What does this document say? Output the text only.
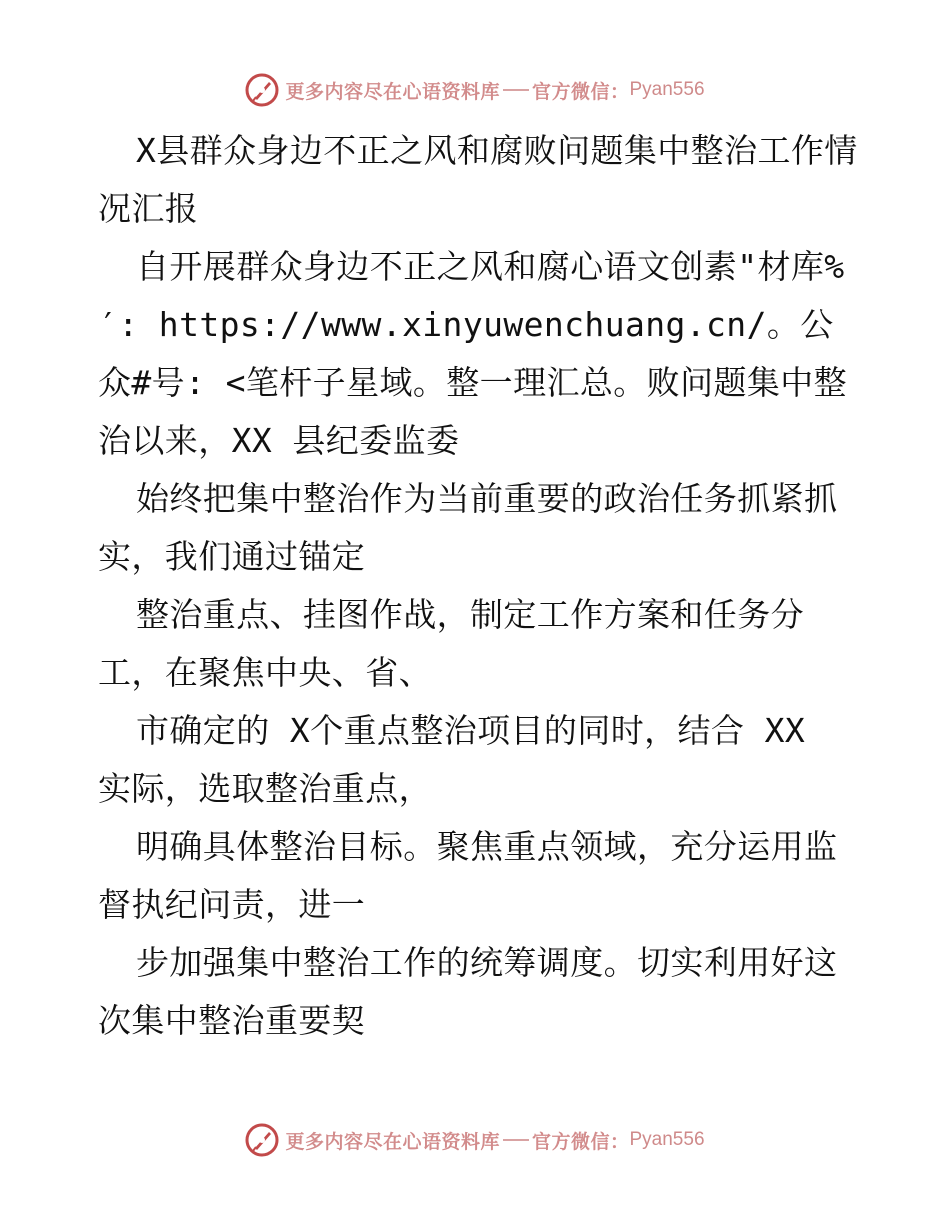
更多内容尽在心语资料库 官方微信： Pyan556

X县群众身边不正之风和腐败问题集中整治工作情况汇报

自开展群众身边不正之风和腐心语文创素"材库%′: https://www.xinyuwenchuang.cn/。公众#号: <笔杆子星域。整一理汇总。败问题集中整治以来，XX 县纪委监委

始终把集中整治作为当前重要的政治任务抓紧抓实，我们通过锚定

整治重点、挂图作战，制定工作方案和任务分工，在聚焦中央、省、

市确定的 X个重点整治项目的同时，结合 XX 实际，选取整治重点，

明确具体整治目标。聚焦重点领域，充分运用监督执纪问责，进一

步加强集中整治工作的统筹调度。切实利用好这次集中整治重要契

更多内容尽在心语资料库 官方微信： Pyan556
